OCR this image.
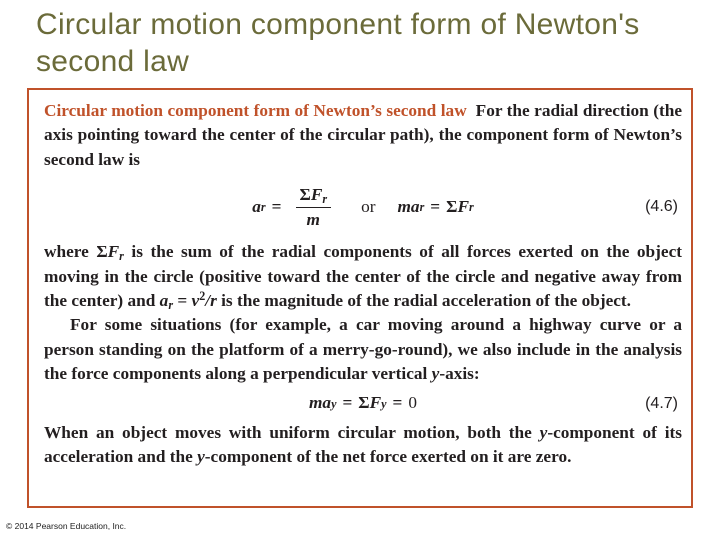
Circular motion component form of Newton's second law

Circular motion component form of Newton’s second law For the radial direction (the axis pointing toward the center of the circular path), the component form of Newton’s second law is

a $r = \frac{\Sigma F_r}{m}$ or m a r = Σ F r	(4.6)

where $\Sigma F_r$ is the sum of the radial components of all forces exerted on the object moving in the circle (positive toward the center of the circle and negative away from the center) and $a_r = v^2/r$ is the magnitude of the radial acceleration of the object.

For some situations (for example, a car moving around a highway curve or a person standing on the platform of a merry-go-round), we also include in the analysis the force components along a perpendicular vertical y-axis:

m a y = Σ F y = 0	(4.7)

When an object moves with uniform circular motion, both the y-component of its acceleration and the y-component of the net force exerted on it are zero.

© 2014 Pearson Education, Inc.
